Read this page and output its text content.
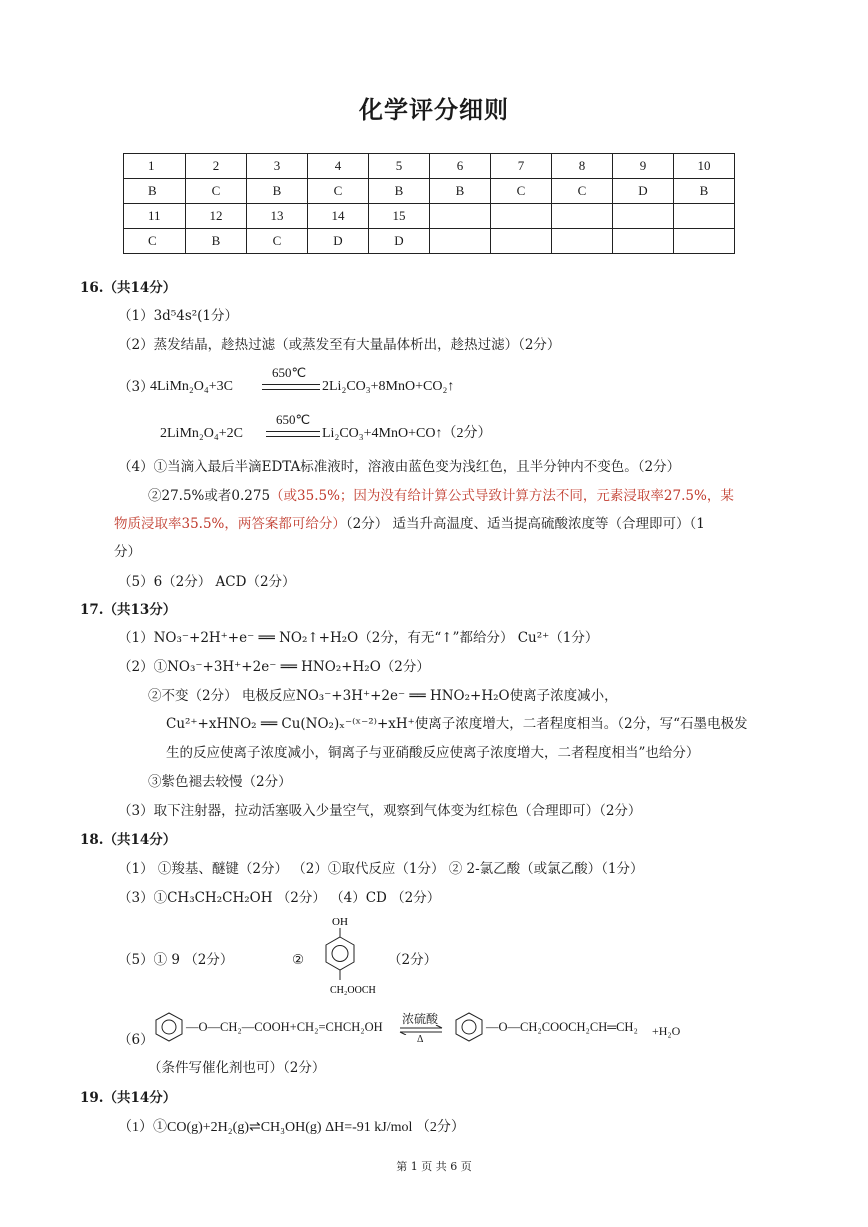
化学评分细则
1	2	3	4	5	6	7	8	9	10
B	C	B	C	B	B	C	C	D	B
11	12	13	14	15					
C	B	C	D	D					
16.（共14分）
（1）3d⁵4s²(1分）
（2）蒸发结晶，趁热过滤（或蒸发至有大量晶体析出，趁热过滤）（2分）
（3）
4LiMn₂O₄+3C
650℃
2Li₂CO₃+8MnO+CO₂↑
2LiMn₂O₄+2C
650℃
Li₂CO₃+4MnO+CO↑（2分）
（4）①当滴入最后半滴EDTA标准液时，溶液由蓝色变为浅红色，且半分钟内不变色。（2分）
②27.5%或者0.275（或35.5%；因为没有给计算公式导致计算方法不同，元素浸取率27.5%，某
物质浸取率35.5%，两答案都可给分）（2分） 适当升高温度、适当提高硫酸浓度等（合理即可）（1
分）
（5）6（2分） ACD（2分）
17.（共13分）
（1）NO₃⁻+2H⁺+e⁻ ══ NO₂↑+H₂O（2分，有无“↑”都给分） Cu²⁺（1分）
（2）①NO₃⁻+3H⁺+2e⁻ ══ HNO₂+H₂O（2分）
②不变（2分） 电极反应NO₃⁻+3H⁺+2e⁻ ══ HNO₂+H₂O使离子浓度减小，
Cu²⁺+xHNO₂ ══ Cu(NO₂)ₓ⁻⁽ˣ⁻²⁾+xH⁺使离子浓度增大，二者程度相当。（2分，写“石墨电极发
生的反应使离子浓度减小，铜离子与亚硝酸反应使离子浓度增大，二者程度相当”也给分）
③紫色褪去较慢（2分）
（3）取下注射器，拉动活塞吸入少量空气，观察到气体变为红棕色（合理即可）（2分）
18.（共14分）
（1） ①羧基、醚键（2分） （2）①取代反应（1分） ② 2-氯乙酸（或氯乙酸）（1分）
（3）①CH₃CH₂CH₂OH （2分） （4）CD （2分）
（5）① 9 （2分）	②
OH
CH₂OOCH
（2分）
（6）
—O—CH₂—COOH+CH₂=CHCH₂OH
浓硫酸
Δ
—O—CH₂COOCH₂CH═CH₂ +H₂O
（条件写催化剂也可）（2分）
19.（共14分）
（1）①CO(g)+2H₂(g)⇌CH₃OH(g) ΔH=-91 kJ/mol （2分）
第 1 页 共 6 页
